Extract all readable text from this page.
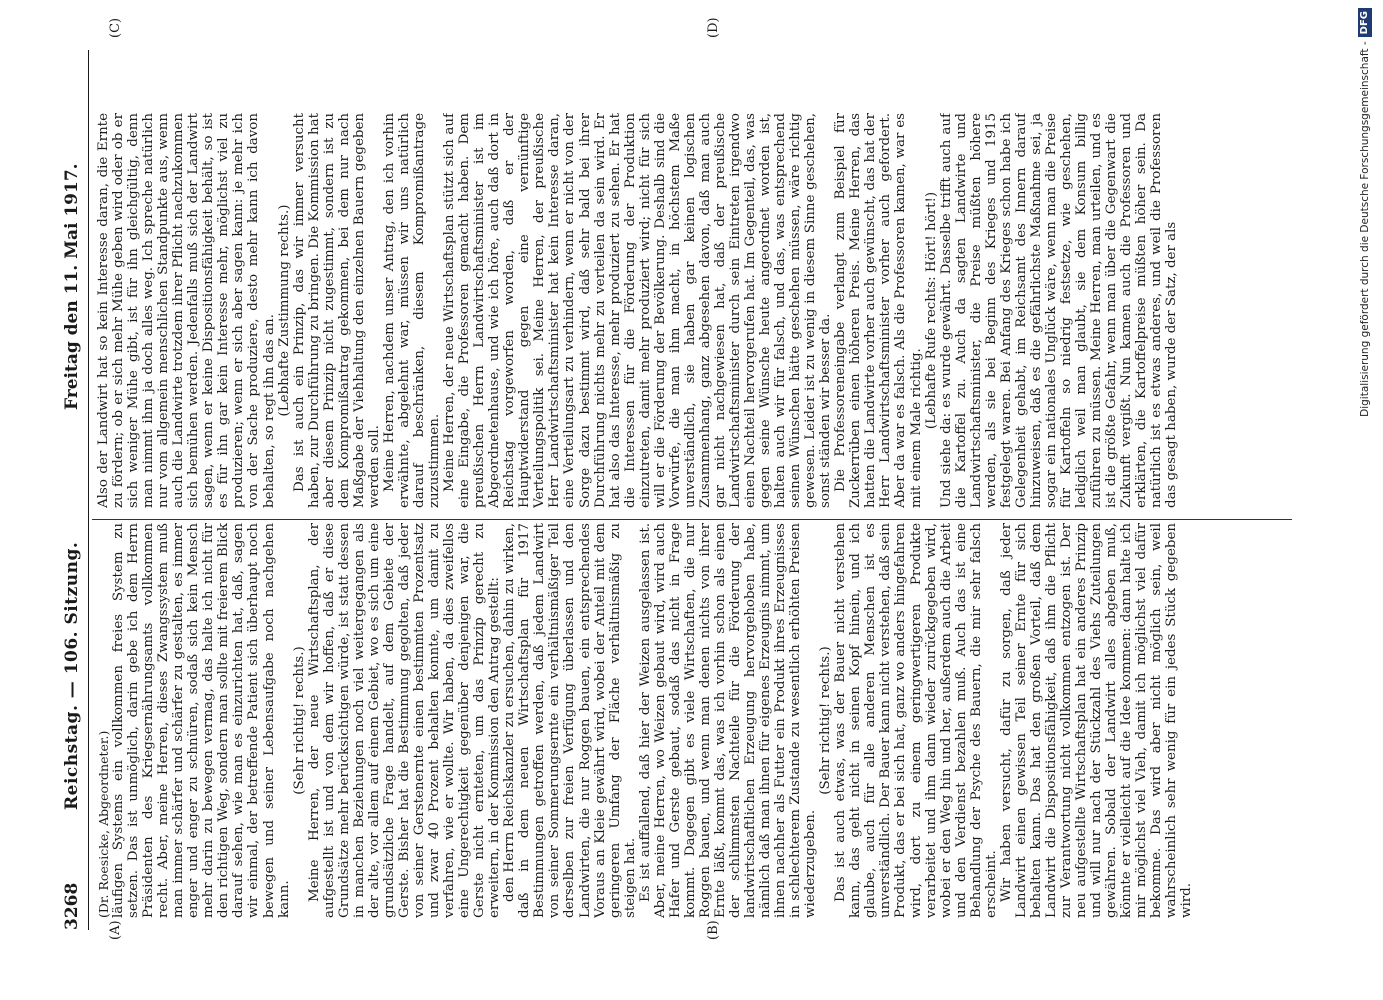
3268
Reichstag. — 106. Sitzung.
Freitag den 11. Mai 1917.
(A)	(B)
(C)	(D)

(Dr. Roesicke, Abgeordneter.) läufigen Systems ein vollkommen freies System zu setzen. Das ist unmöglich, darin gebe ich dem Herrn Präsidenten des Kriegsernährungsamts vollkommen recht. Aber, meine Herren, dieses Zwangssystem muß man immer schärfer und schärfer zu gestalten, es immer enger und enger zu schnüren, sodaß sich kein Mensch mehr darin zu bewegen vermag, das halte ich nicht für den richtigen Weg, sondern man sollte mit freierem Blick darauf sehen, wie man es einzurichten hat, daß, sagen wir einmal, der betreffende Patient sich überhaupt noch bewegen und seiner Lebensaufgabe noch nachgehen kann.

(Sehr richtig! rechts.) Meine Herren, der neue Wirtschaftsplan, der aufgestellt ist und von dem wir hoffen, daß er diese Grundsätze mehr berücksichtigen würde, ist statt dessen in manchen Beziehungen noch viel weitergegangen als der alte, vor allem auf einem Gebiet, wo es sich um eine grundsätzliche Frage handelt, auf dem Gebiete der Gerste. Bisher hat die Bestimmung gegolten, daß jeder von seiner Gerstenernte einen bestimmten Prozentsatz und zwar 40 Prozent behalten konnte, um damit zu verfahren, wie er wollte. Wir haben, da dies zweifellos eine Ungerechtigkeit gegenüber denjenigen war, die Gerste nicht ernteten, um das Prinzip gerecht zu erweitern, in der Kommission den Antrag gestellt: den Herrn Reichskanzler zu ersuchen, dahin zu wirken, daß in dem neuen Wirtschaftsplan für 1917 Bestimmungen getroffen werden, daß jedem Landwirt von seiner Sommerungsernte ein verhältnismäßiger Teil derselben zur freien Verfügung überlassen und den Landwirten, die nur Roggen bauen, ein entsprechendes Voraus an Kleie gewährt wird, wobei der Anteil mit dem geringeren Umfang der Fläche verhältnismäßig zu steigen hat. Es ist auffallend, daß hier der Weizen ausgelassen ist. Aber, meine Herren, wo Weizen gebaut wird, wird auch Hafer und Gerste gebaut, sodaß das nicht in Frage kommt. Dagegen gibt es viele Wirtschaften, die nur Roggen bauen, und wenn man denen nichts von ihrer Ernte läßt, kommt das, was ich vorhin schon als einen der schlimmsten Nachteile für die Förderung der landwirtschaftlichen Erzeugung hervorgehoben habe, nämlich daß man ihnen für eigenes Erzeugnis nimmt, um ihnen nachher als Futter ein Produkt ihres Erzeugnisses in schlechterem Zustande zu wesentlich erhöhten Preisen wiederzugeben.

(Sehr richtig! rechts.) Das ist auch etwas, was der Bauer nicht verstehen kann, das geht nicht in seinen Kopf hinein, und ich glaube, auch für alle anderen Menschen ist es unverständlich. Der Bauer kann nicht verstehen, daß sein Produkt, das er bei sich hat, ganz wo anders hingefahren wird, dort zu einem geringwertigeren Produkte verarbeitet und ihm dann wieder zurückgegeben wird, wobei er den Weg hin und her, außerdem auch die Arbeit und den Verdienst bezahlen muß. Auch das ist eine Behandlung der Psyche des Bauern, die mir sehr falsch erscheint. Wir haben versucht, dafür zu sorgen, daß jeder Landwirt einen gewissen Teil seiner Ernte für sich behalten kann. Das hat den großen Vorteil, daß dem Landwirt die Dispositionsfähigkeit, daß ihm die Pflicht zur Verantwortung nicht vollkommen entzogen ist. Der neu aufgestellte Wirtschaftsplan hat ein anderes Prinzip und will nur nach der Stückzahl des Viehs Zuteilungen gewähren. Sobald der Landwirt alles abgeben muß, könnte er vielleicht auf die Idee kommen: dann halte ich mir möglichst viel Vieh, damit ich möglichst viel dafür bekomme. Das wird aber nicht möglich sein, weil wahrscheinlich sehr wenig für ein jedes Stück gegeben wird.

Also der Landwirt hat so kein Interesse daran, die Ernte zu fördern; ob er sich mehr Mühe geben wird oder ob er sich weniger Mühe gibt, ist für ihn gleichgültig, denn man nimmt ihm ja doch alles weg. Ich spreche natürlich nur vom allgemein menschlichen Standpunkte aus, wenn auch die Landwirte trotzdem ihrer Pflicht nachzukommen sich bemühen werden. Jedenfalls muß sich der Landwirt sagen, wenn er keine Dispositionsfähigkeit behält, so ist es für ihn gar kein Interesse mehr, möglichst viel zu produzieren; wenn er sich aber sagen kann: je mehr ich von der Sache produziere, desto mehr kann ich davon behalten, so regt ihn das an. (Lebhafte Zustimmung rechts.) Das ist auch ein Prinzip, das wir immer versucht haben, zur Durchführung zu bringen. Die Kommission hat aber diesem Prinzip nicht zugestimmt, sondern ist zu dem Kompromißantrag gekommen, bei dem nur nach Maßgabe der Viehhaltung den einzelnen Bauern gegeben werden soll. Meine Herren, nachdem unser Antrag, den ich vorhin erwähnte, abgelehnt war, müssen wir uns natürlich darauf beschränken, diesem Kompromißantrage zuzustimmen. Meine Herren, der neue Wirtschaftsplan stützt sich auf eine Eingabe, die Professoren gemacht haben. Dem preußischen Herrn Landwirtschaftsminister ist im Abgeordnetenhause, und wie ich höre, auch daß dort in Reichstag vorgeworfen worden, daß er der Hauptwiderstand gegen eine vernünftige Verteilungspolitik sei. Meine Herren, der preußische Herr Landwirtschaftsminister hat kein Interesse daran, eine Verteilungsart zu verhindern, wenn er nicht von der Sorge dazu bestimmt wird, daß sehr bald bei ihrer Durchführung nichts mehr zu verteilen da sein wird. Er hat also das Interesse, mehr produziert zu sehen. Er hat die Interessen für die Förderung der Produktion einzutreten, damit mehr produziert wird; nicht für sich will er die Förderung der Bevölkerung. Deshalb sind die Vorwürfe, die man ihm macht, in höchstem Maße unverständlich, sie haben gar keinen logischen Zusammenhang, ganz abgesehen davon, daß man auch gar nicht nachgewiesen hat, daß der preußische Landwirtschaftsminister durch sein Eintreten irgendwo einen Nachteil hervorgerufen hat. Im Gegenteil, das, was gegen seine Wünsche heute angeordnet worden ist, halten auch wir für falsch, und das, was entsprechend seinen Wünschen hätte geschehen müssen, wäre richtig gewesen. Leider ist zu wenig in diesem Sinne geschehen, sonst ständen wir besser da. Die Professoreneingabe verlangt zum Beispiel für Zuckerrüben einen höheren Preis. Meine Herren, das hatten die Landwirte vorher auch gewünscht, das hat der Herr Landwirtschaftsminister vorher auch gefordert. Aber da war es falsch. Als die Professoren kamen, war es mit einem Male richtig. (Lebhafte Rufe rechts: Hört! hört!) Und siehe da: es wurde gewährt. Dasselbe trifft auch auf die Kartoffel zu. Auch da sagten Landwirte und Landwirtschaftsminister, die Preise müßten höhere werden, als sie bei Beginn des Krieges und 1915 festgelegt waren. Bei Anfang des Krieges schon habe ich Gelegenheit gehabt, im Reichsamt des Innern darauf hinzuweisen, daß es die gefährlichste Maßnahme sei, ja sogar ein nationales Unglück wäre, wenn man die Preise für Kartoffeln so niedrig festsetze, wie geschehen, lediglich weil man glaubt, sie dem Konsum billig zuführen zu müssen. Meine Herren, man urteilen, und es ist die größte Gefahr, wenn man über die Gegenwart die Zukunft vergißt. Nun kamen auch die Professoren und erklärten, die Kartoffelpreise müßten höher sein. Da natürlich ist es etwas anderes, und weil die Professoren das gesagt haben, wurde der Satz, der als	Digitalisierung gefördert durch die Deutsche Forschungsgemeinschaft -DFG
